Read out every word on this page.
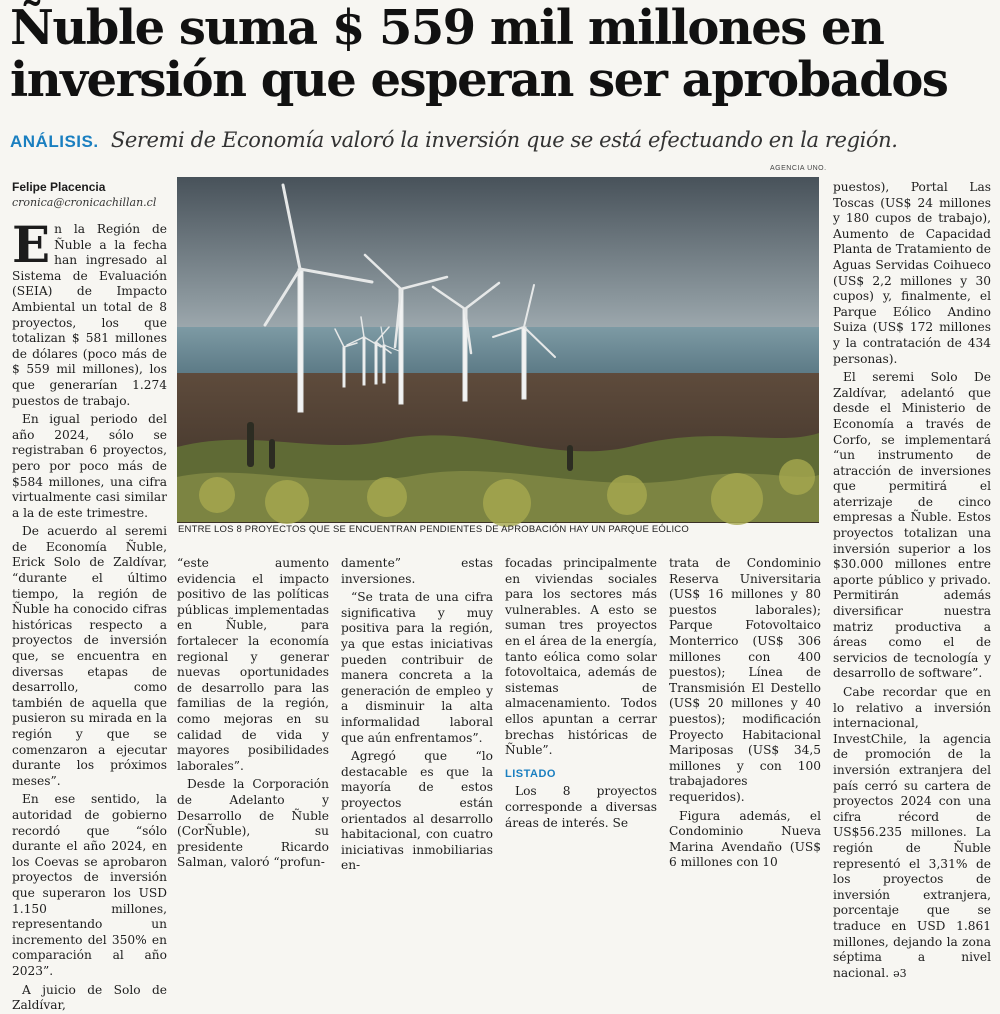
Ñuble suma $ 559 mil millones en inversión que esperan ser aprobados
ANÁLISIS. Seremi de Economía valoró la inversión que se está efectuando en la región.
Felipe Placencia
cronica@cronicachillan.cl
AGENCIA UNO.

En la Región de Ñuble a la fecha han ingresado al Sistema de Evaluación (SEIA) de Impacto Ambiental un total de 8 proyectos, los que totalizan $ 581 millones de dólares (poco más de $ 559 mil millones), los que generarían 1.274 puestos de trabajo.

En igual periodo del año 2024, sólo se registraban 6 proyectos, pero por poco más de $584 millones, una cifra virtualmente casi similar a la de este trimestre.

De acuerdo al seremi de Economía Ñuble, Erick Solo de Zaldívar, “durante el último tiempo, la región de Ñuble ha conocido cifras históricas respecto a proyectos de inversión que, se encuentra en diversas etapas de desarrollo, como también de aquella que pusieron su mirada en la región y que se comenzaron a ejecutar durante los próximos meses”.

En ese sentido, la autoridad de gobierno recordó que “sólo durante el año 2024, en los Coevas se aprobaron proyectos de inversión que superaron los USD 1.150 millones, representando un incremento del 350% en comparación al año 2023”.

A juicio de Solo de Zaldívar,

ENTRE LOS 8 PROYECTOS QUE SE ENCUENTRAN PENDIENTES DE APROBACIÓN HAY UN PARQUE EÓLICO

“este aumento evidencia el impacto positivo de las políticas públicas implementadas en Ñuble, para fortalecer la economía regional y generar nuevas oportunidades de desarrollo para las familias de la región, como mejoras en su calidad de vida y mayores posibilidades laborales”.

Desde la Corporación de Adelanto y Desarrollo de Ñuble (CorÑuble), su presidente Ricardo Salman, valoró “profun-

damente” estas inversiones.

“Se trata de una cifra significativa y muy positiva para la región, ya que estas iniciativas pueden contribuir de manera concreta a la generación de empleo y a disminuir la alta informalidad laboral que aún enfrentamos”.

Agregó que “lo destacable es que la mayoría de estos proyectos están orientados al desarrollo habitacional, con cuatro iniciativas inmobiliarias en-

focadas principalmente en viviendas sociales para los sectores más vulnerables. A esto se suman tres proyectos en el área de la energía, tanto eólica como solar fotovoltaica, además de sistemas de almacenamiento. Todos ellos apuntan a cerrar brechas históricas de Ñuble”.

LISTADO

Los 8 proyectos corresponde a diversas áreas de interés. Se

trata de Condominio Reserva Universitaria (US$ 16 millones y 80 puestos laborales); Parque Fotovoltaico Monterrico (US$ 306 millones con 400 puestos); Línea de Transmisión El Destello (US$ 20 millones y 40 puestos); modificación Proyecto Habitacional Mariposas (US$ 34,5 millones y con 100 trabajadores requeridos).

Figura además, el Condominio Nueva Marina Avendaño (US$ 6 millones con 10

puestos), Portal Las Toscas (US$ 24 millones y 180 cupos de trabajo), Aumento de Capacidad Planta de Tratamiento de Aguas Servidas Coihueco (US$ 2,2 millones y 30 cupos) y, finalmente, el Parque Eólico Andino Suiza (US$ 172 millones y la contratación de 434 personas).

El seremi Solo De Zaldívar, adelantó que desde el Ministerio de Economía a través de Corfo, se implementará “un instrumento de atracción de inversiones que permitirá el aterrizaje de cinco empresas a Ñuble. Estos proyectos totalizan una inversión superior a los $30.000 millones entre aporte público y privado. Permitirán además diversificar nuestra matriz productiva a áreas como el de servicios de tecnología y desarrollo de software”.

Cabe recordar que en lo relativo a inversión internacional, InvestChile, la agencia de promoción de la inversión extranjera del país cerró su cartera de proyectos 2024 con una cifra récord de US$56.235 millones. La región de Ñuble representó el 3,31% de los proyectos de inversión extranjera, porcentaje que se traduce en USD 1.861 millones, dejando la zona séptima a nivel nacional. ǝ3
